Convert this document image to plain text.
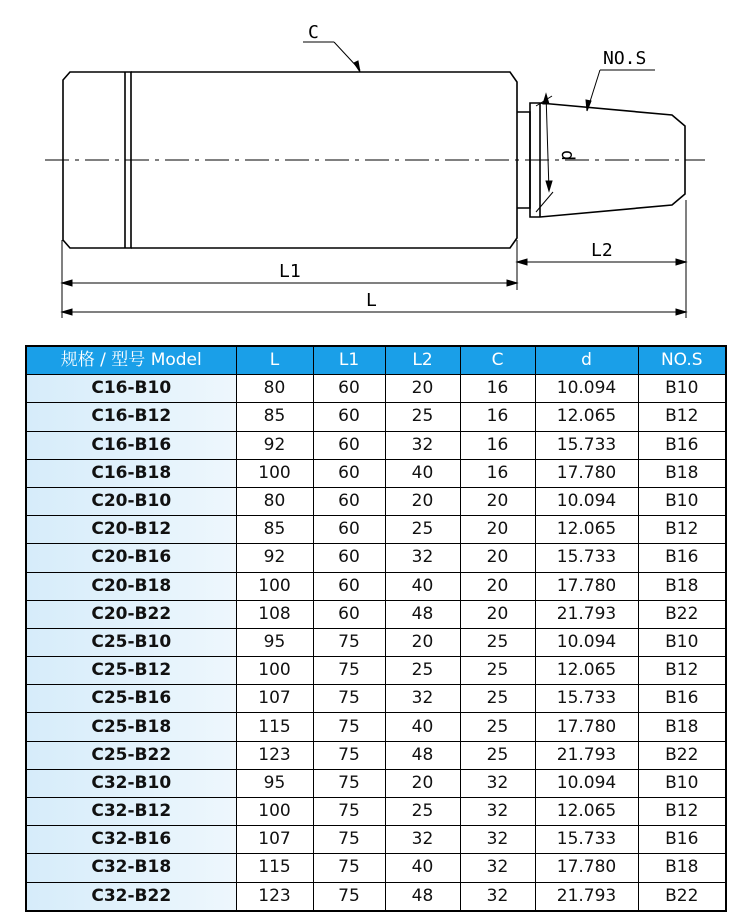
C
NO.S
d
L2
L1
L
规格 / 型号 Model	L	L1	L2	C	d	NO.S
C16-B10	80	60	20	16	10.094	B10
C16-B12	85	60	25	16	12.065	B12
C16-B16	92	60	32	16	15.733	B16
C16-B18	100	60	40	16	17.780	B18
C20-B10	80	60	20	20	10.094	B10
C20-B12	85	60	25	20	12.065	B12
C20-B16	92	60	32	20	15.733	B16
C20-B18	100	60	40	20	17.780	B18
C20-B22	108	60	48	20	21.793	B22
C25-B10	95	75	20	25	10.094	B10
C25-B12	100	75	25	25	12.065	B12
C25-B16	107	75	32	25	15.733	B16
C25-B18	115	75	40	25	17.780	B18
C25-B22	123	75	48	25	21.793	B22
C32-B10	95	75	20	32	10.094	B10
C32-B12	100	75	25	32	12.065	B12
C32-B16	107	75	32	32	15.733	B16
C32-B18	115	75	40	32	17.780	B18
C32-B22	123	75	48	32	21.793	B22
